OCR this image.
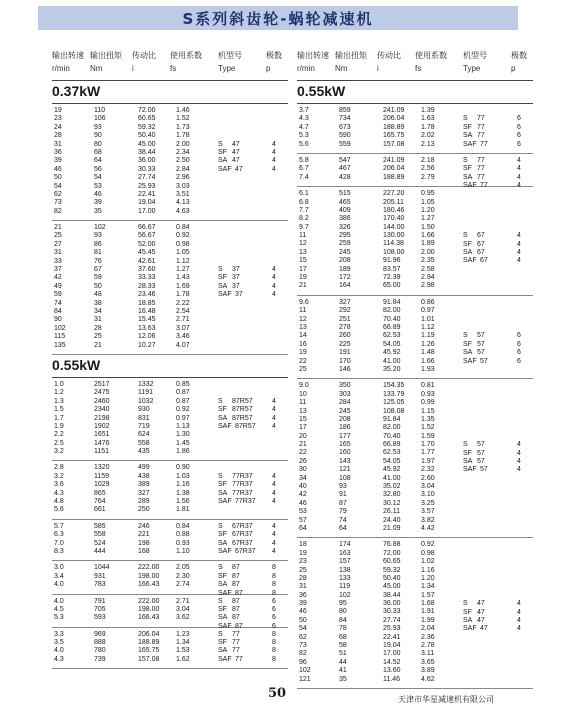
S系列斜齿轮-蜗轮减速机
输出转速 输出扭矩 传动比 使用系数 机型号	极数
r/min	Nm	i	fs	Type	p
0.37kW
19	110	72.00	1.46
23	106	60.65	1.52
24	93	59.32	1.73
28	90	50.40	1.78
31	80	45.00	2.00
36	68	38.44	2.34
39	64	36.00	2.50
46	56	30.33	2.84
50	54	27.74	2.96
54	53	25.93	3.03
62	46	22.41	3.51
73	39	19.04	4.13
82	35	17.00	4.63
S 47	4
SF 47	4
SA 47	4
SAF 47	4
21	102	66.67	0.84
25	93	56.67	0.92
27	86	52.00	0.98
31	81	45.45	1.05
33	76	42.61	1.12
37	67	37.60	1.27
42	59	33.33	1.43
49	50	28.33	1.69
59	48	23.46	1.78
74	38	18.85	2.22
84	34	16.48	2.54
90	31	15.45	2.71
102	28	13.63	3.07
115	25	12.06	3.46
135	21	10.27	4.07
S 37	4
SF 37	4
SA 37	4
SAF 37	4
0.55kW
1.0	2517	1332	0.85
1.2	2475	1191	0.87
1.3	2460	1032	0.87
1.5	2340	930	0.92
1.7	2198	831	0.97
1.9	1902	719	1.13
2.2	1651	624	1.30
2.5	1476	558	1.45
3.2	1151	435	1.86
S 87R57	4
SF 87R57	4
SA 87R57	4
SAF 87R57 4
2.8	1320	499	0.90
3.2	1159	438	1.03
3.6	1029	389	1.16
4.3	865	327	1.38
4.8	764	289	1.56
5.6	661	250	1.81
S 77R37	4
SF 77R37	4
SA 77R37	4
SAF 77R37 4
5.7	585	246	0.84
6.3	558	221	0.88
7.0	524	198	0.93
8.3	444	168	1.10
S 67R37	4
SF 67R37	4
SA 67R37	4
SAF 67R37 4
3.0	1044	222.00 2.05
3.4	931	198.00 2.30
4.0	783	166.43 2.74
S 87	8
SF 87	8
SA 87	8
SAF 87	8
4.0	791	222.00 2.71
4.5	705	198.00 3.04
5.3	593	166.43 3.62
S 87	6
SF 87	6
SA 87	6
SAF 87	6
3.3	969	206.04 1.23
3.5	888	188.89 1.34
4.0	780	165.75 1.53
4.3	739	157.08 1.62
S 77	8
SF 77	8
SA 77	8
SAF 77	8
输出转速 输出扭矩 传动比 使用系数 机型号	极数
r/min	Nm	i	fs	Type	p
0.55kW
3.7	859	241.09 1.39
4.3	734	206.04 1.63
4.7	673	188.89 1.78
5.3	590	165.75 2.02
5.6	559	157.08 2.13
S 77	6
SF 77	6
SA 77	6
SAF 77	6
5.8	547	241.09 2.18
6.7	467	206.04 2.56
7.4	428	188.89 2.79
S 77	4
SF 77	4
SA 77	4
SAF 77	4
6.1	515	227.20 0.95
6.8	465	205.11 1.05
7.7	409	180.46 1.20
8.2	386	170.40 1.27
9.7	326	144.00 1.50
11	295	130.00 1.66
12	259	114.38 1.89
13	245	108.00 2.00
15	208	91.96	2.35
17	189	83.57	2.58
19	172	72.39	2.94
21	164	65.00	2.98
S 67	4
SF 67	4
SA 67	4
SAF 67	4
9.6	327	91.84	0.86
11	292	82.00	0.97
12	251	70.40	1.01
13	278	66.89	1.12
14	260	62.53	1.19
16	225	54.05	1.26
19	191	45.92	1.48
22	170	41.00	1.66
25	146	35.20	1.93
S 57	6
SF 57	6
SA 57	6
SAF 57	6
9.0	350	154.35 0.81
10	303	133.79 0.93
11	284	125.05 0.99
13	245	108.08 1.15
15	208	91.84	1.35
17	186	82.00	1.52
20	177	70.40	1.59
21	165	66.89	1.70
22	160	62.53	1.77
26	143	54.05	1.97
30	121	45.92	2.32
34	108	41.00	2.60
40	93	35.02	3.04
42	91	32.80	3.10
46	87	30.12	3.25
53	79	26.11	3.57
57	74	24.40	3.82
64	64	21.09	4.42
S 57	4
SF 57	4
SA 57	4
SAF 57	4
18	174	76.88	0.92
19	163	72.00	0.98
23	157	60.65	1.02
25	138	59.32	1.16
28	133	50.40	1.20
31	119	45.00	1.34
36	102	38.44	1.57
39	95	36.00	1.68
46	80	30.33	1.91
50	84	27.74	1.99
54	78	25.93	2.04
62	68	22.41	2.36
73	58	19.04	2.78
82	51	17.00	3.11
96	44	14.52	3.65
102	41	13.60	3.89
121	35	11.46	4.62
S 47	4
SF 47	4
SA 47	4
SAF 47	4
50	天津市华星减速机有限公司
